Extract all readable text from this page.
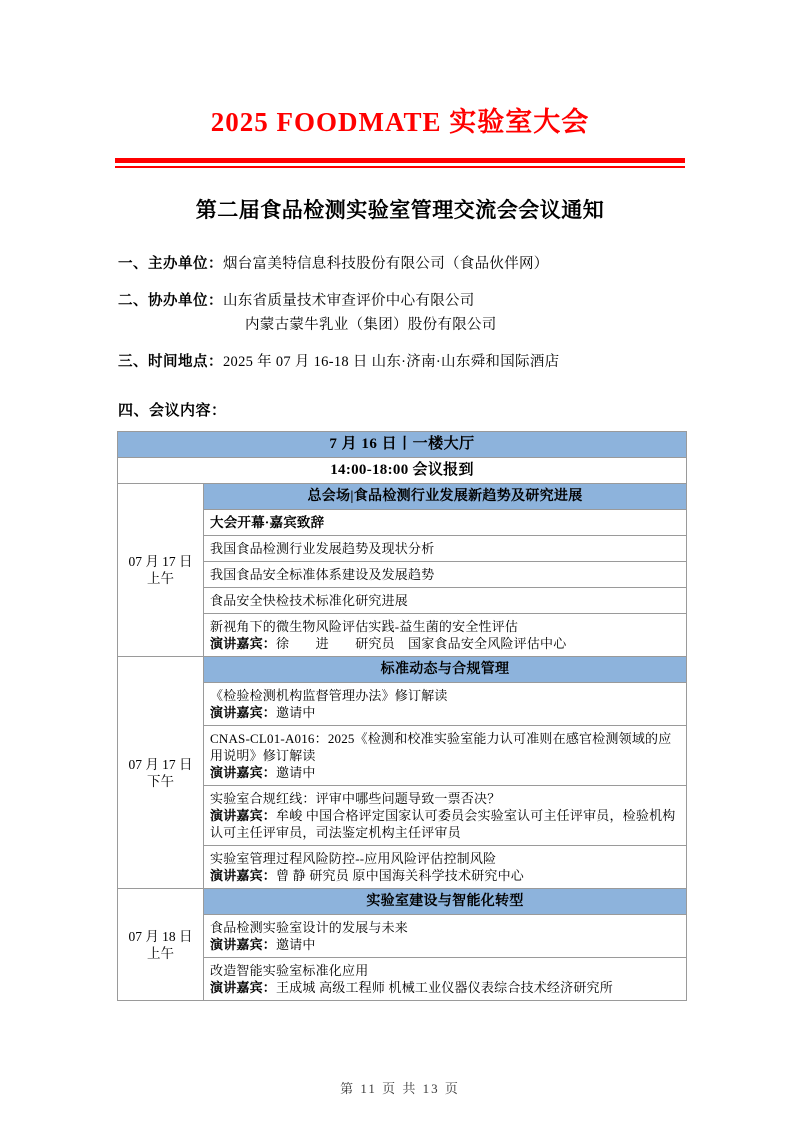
2025 FOODMATE 实验室大会
第二届食品检测实验室管理交流会会议通知
一、主办单位： 烟台富美特信息科技股份有限公司（食品伙伴网）
二、协办单位： 山东省质量技术审查评价中心有限公司
内蒙古蒙牛乳业（集团）股份有限公司
三、时间地点： 2025 年 07 月 16-18 日 山东·济南·山东舜和国际酒店
四、会议内容：
7 月 16 日丨一楼大厅	
14:00-18:00 会议报到	

07 月 17 日
上午	总会场|食品检测行业发展新趋势及研究进展

	大会开幕·嘉宾致辞

	我国食品检测行业发展趋势及现状分析

	我国食品安全标准体系建设及发展趋势

	食品安全快检技术标准化研究进展

	新视角下的微生物风险评估实践-益生菌的安全性评估
演讲嘉宾：徐　　进　　研究员　国家食品安全风险评估中心

07 月 17 日
下午	标准动态与合规管理

	《检验检测机构监督管理办法》修订解读
演讲嘉宾：邀请中

	CNAS-CL01-A016：2025《检测和校准实验室能力认可准则在感官检测领域的应用说明》修订解读
演讲嘉宾：邀请中

	实验室合规红线：评审中哪些问题导致一票否决？
演讲嘉宾：牟峻 中国合格评定国家认可委员会实验室认可主任评审员，检验机构认可主任评审员，司法鉴定机构主任评审员

	实验室管理过程风险防控--应用风险评估控制风险
演讲嘉宾：曾 静 研究员 原中国海关科学技术研究中心

07 月 18 日
上午	实验室建设与智能化转型

	食品检测实验室设计的发展与未来
演讲嘉宾：邀请中

	改造智能实验室标准化应用
演讲嘉宾：王成城 高级工程师 机械工业仪器仪表综合技术经济研究所
第 11 页 共 13 页
